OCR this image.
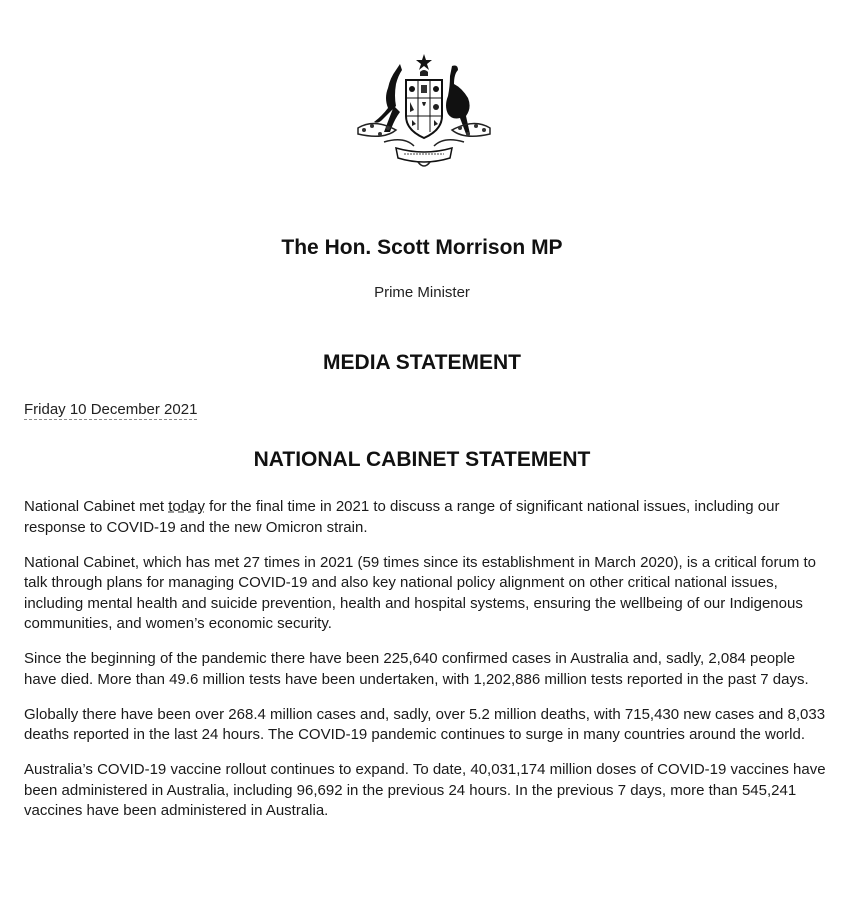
The Hon. Scott Morrison MP
Prime Minister
MEDIA STATEMENT
Friday 10 December 2021
NATIONAL CABINET STATEMENT

National Cabinet met today for the final time in 2021 to discuss a range of significant national issues, including our response to COVID-19 and the new Omicron strain.

National Cabinet, which has met 27 times in 2021 (59 times since its establishment in March 2020), is a critical forum to talk through plans for managing COVID-19 and also key national policy alignment on other critical national issues, including mental health and suicide prevention, health and hospital systems, ensuring the wellbeing of our Indigenous communities, and women’s economic security.

Since the beginning of the pandemic there have been 225,640 confirmed cases in Australia and, sadly, 2,084 people have died. More than 49.6 million tests have been undertaken, with 1,202,886 million tests reported in the past 7 days.

Globally there have been over 268.4 million cases and, sadly, over 5.2 million deaths, with 715,430 new cases and 8,033 deaths reported in the last 24 hours. The COVID-19 pandemic continues to surge in many countries around the world.

Australia’s COVID-19 vaccine rollout continues to expand. To date, 40,031,174 million doses of COVID-19 vaccines have been administered in Australia, including 96,692 in the previous 24 hours. In the previous 7 days, more than 545,241 vaccines have been administered in Australia.
